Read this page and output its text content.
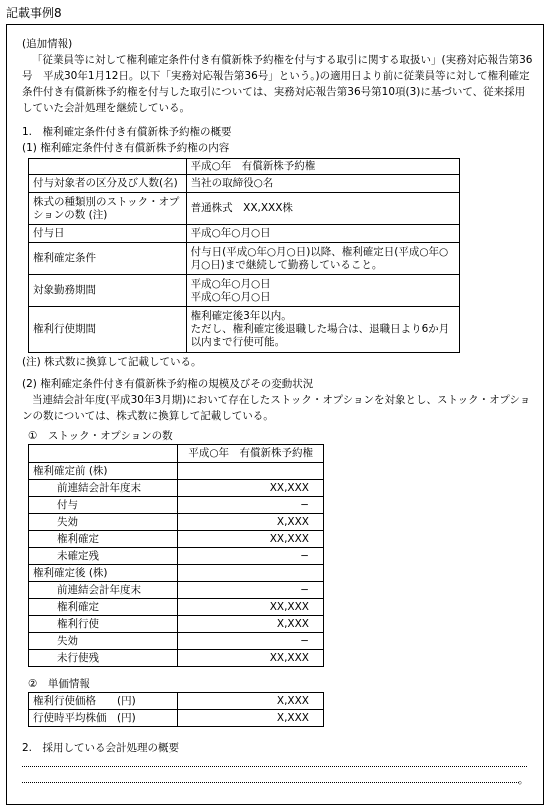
記載事例8
(追加情報)
「従業員等に対して権利確定条件付き有償新株予約権を付与する取引に関する取扱い」(実務対応報告第36号　平成30年1月12日。以下「実務対応報告第36号」という。)の適用日より前に従業員等に対して権利確定条件付き有償新株予約権を付与した取引については、実務対応報告第36号第10項(3)に基づいて、従来採用していた会計処理を継続している。
1.　権利確定条件付き有償新株予約権の概要
(1) 権利確定条件付き有償新株予約権の内容
	平成○年　有償新株予約権
付与対象者の区分及び人数(名)	当社の取締役○名
株式の種類別のストック・オプションの数 (注)	普通株式　XX,XXX株
付与日	平成○年○月○日
権利確定条件	付与日(平成○年○月○日)以降、権利確定日(平成○年○月○日)まで継続して勤務していること。
対象勤務期間	平成○年○月○日
平成○年○月○日
権利行使期間	権利確定後3年以内。
ただし、権利確定後退職した場合は、退職日より6か月以内まで行使可能。
(注) 株式数に換算して記載している。
(2) 権利確定条件付き有償新株予約権の規模及びその変動状況
当連結会計年度(平成30年3月期)において存在したストック・オプションを対象とし、ストック・オプションの数については、株式数に換算して記載している。
①　ストック・オプションの数
	平成○年　有償新株予約権
権利確定前 (株)	
前連結会計年度末	XX,XXX
付与	−
失効	X,XXX
権利確定	XX,XXX
未確定残	−
権利確定後 (株)	
前連結会計年度末	−
権利確定	XX,XXX
権利行使	X,XXX
失効	−
未行使残	XX,XXX
②　単価情報
権利行使価格　　(円)	X,XXX
行使時平均株価　(円)	X,XXX
2.　採用している会計処理の概要
。
